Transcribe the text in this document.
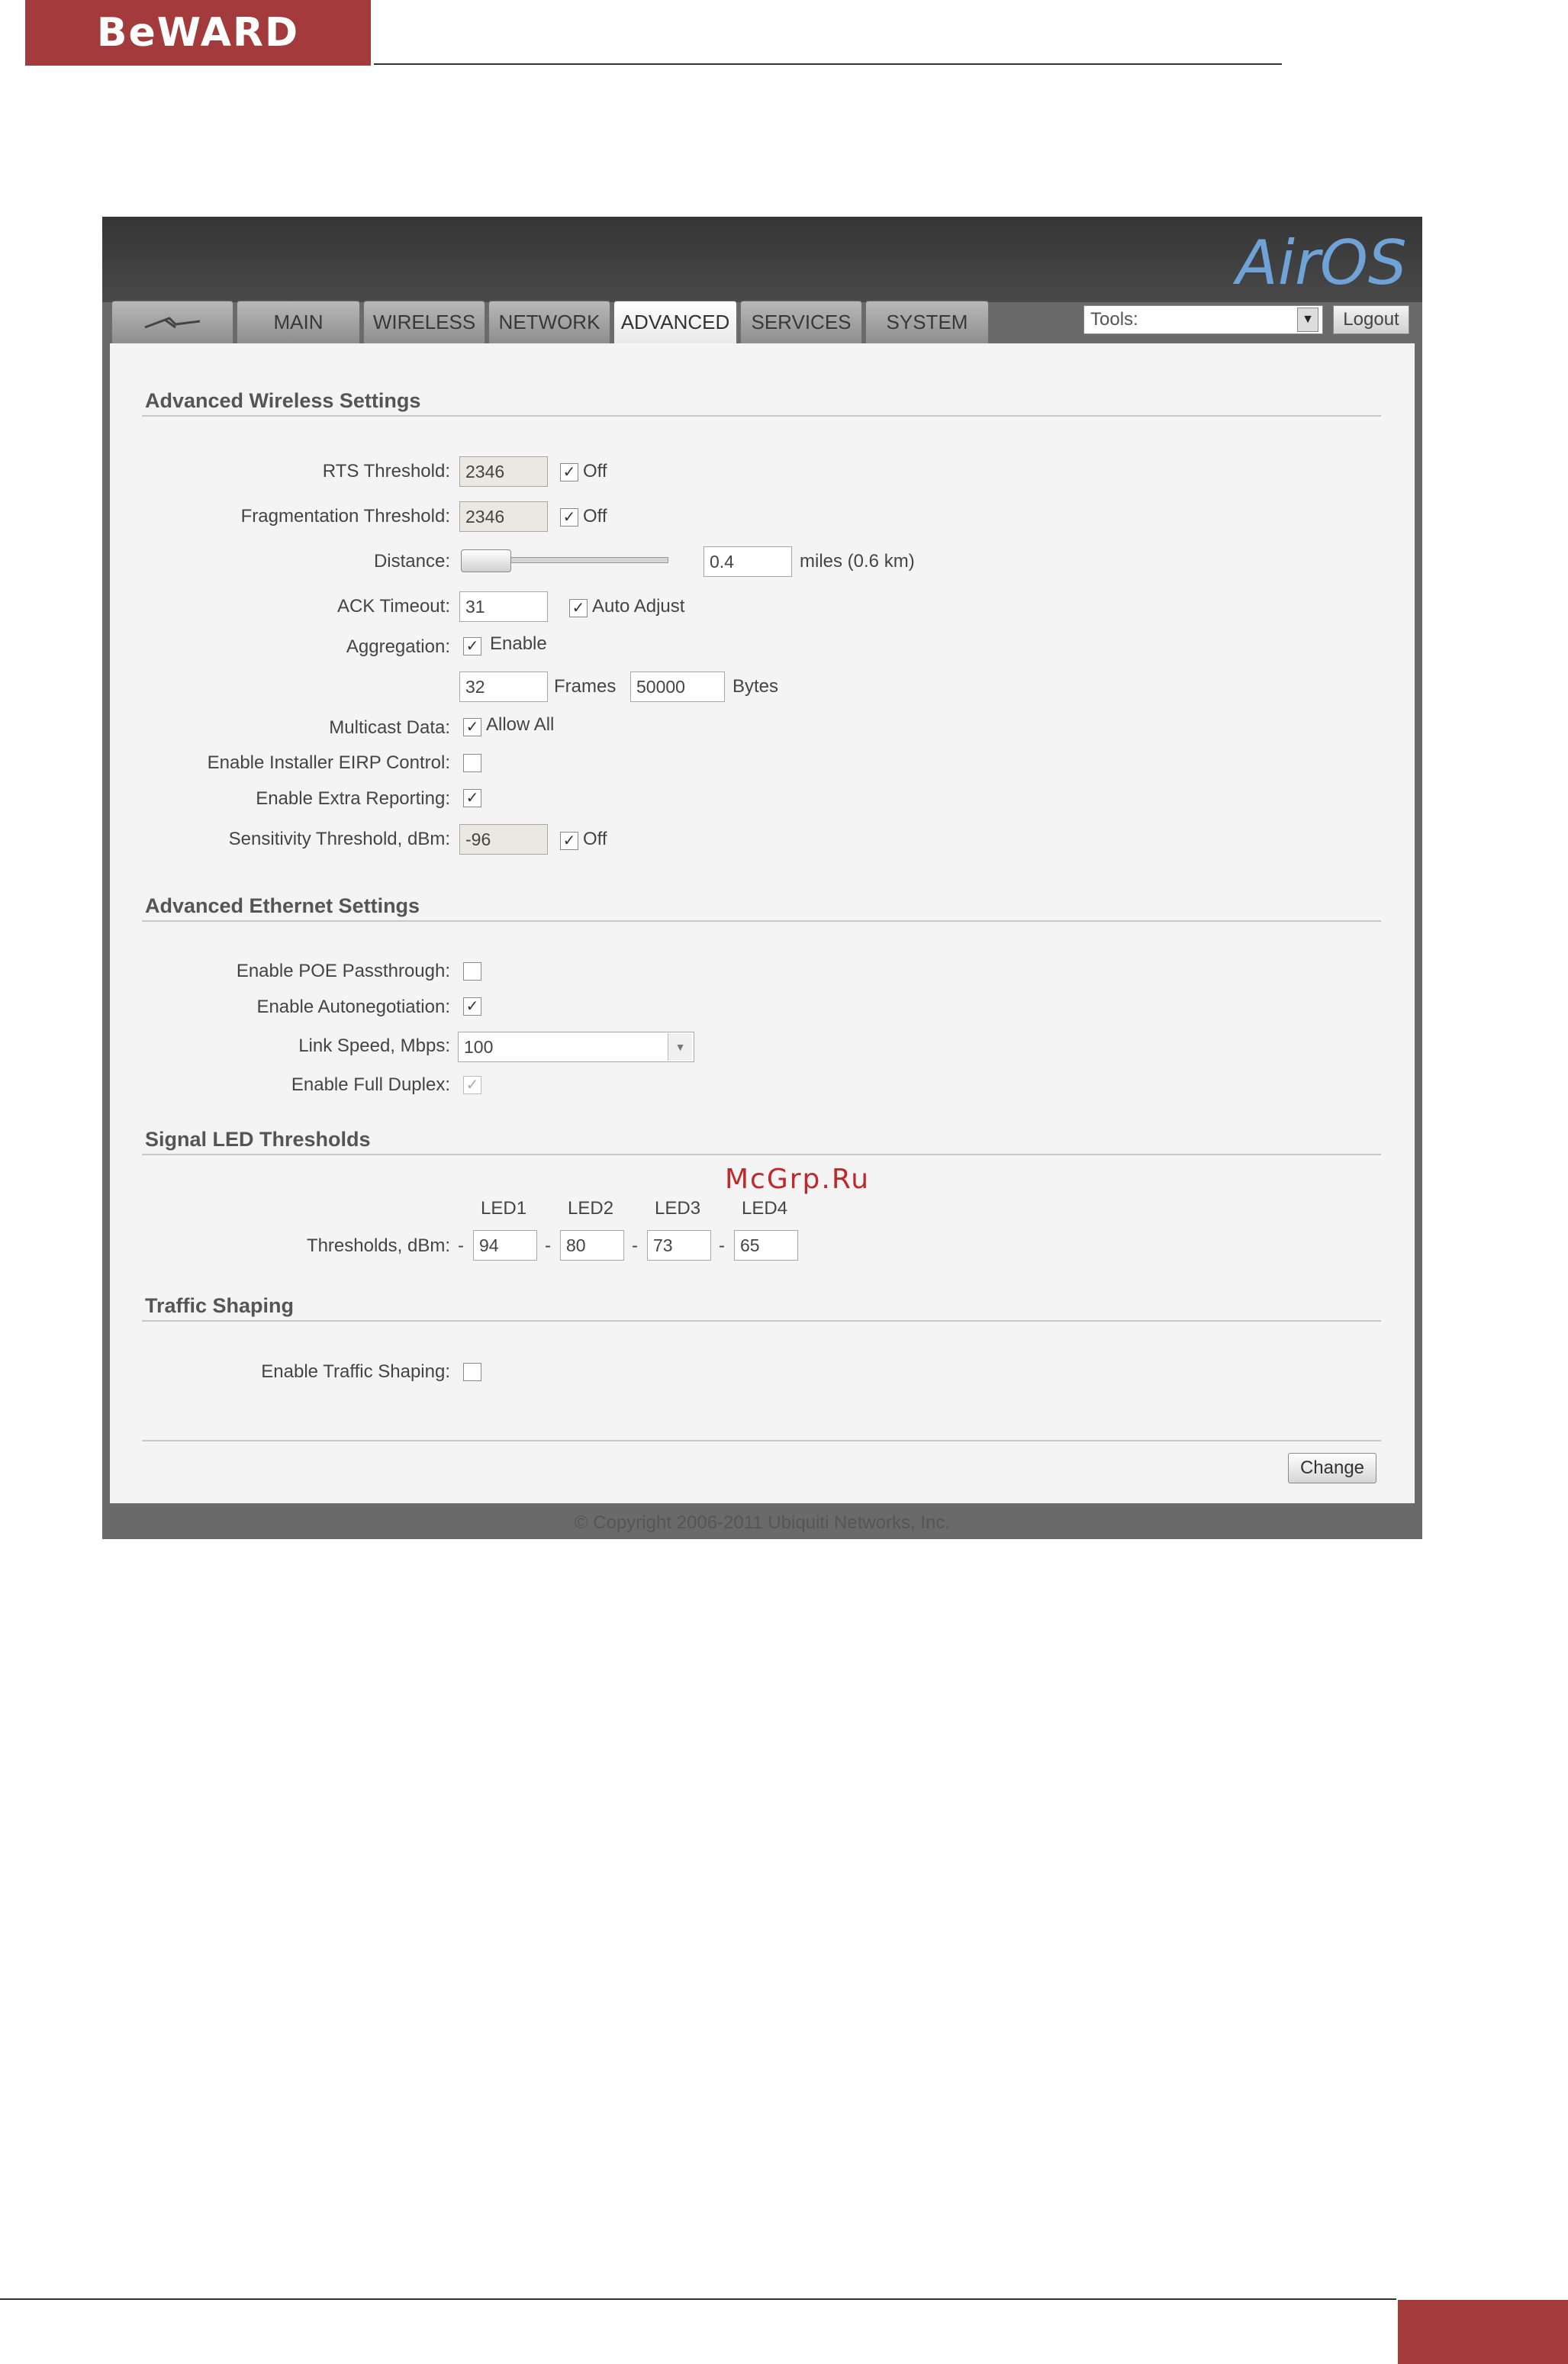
BeWARD
AirOS
MAIN	WIRELESS NETWORK ADVANCED SERVICES SYSTEM	Tools:	▼	Logout
Advanced Wireless Settings
RTS Threshold: 2346	✓ Off
Fragmentation Threshold: 2346	✓ Off
Distance:	0.4	miles (0.6 km)
ACK Timeout: 31	✓ Auto Adjust
Aggregation: ✓ Enable
32	Frames	50000	Bytes
Multicast Data: ✓ Allow All
Enable Installer EIRP Control:
Enable Extra Reporting: ✓
Sensitivity Threshold, dBm: -96	✓ Off
Advanced Ethernet Settings
Enable POE Passthrough:
Enable Autonegotiation: ✓
Link Speed, Mbps: 100	▼
Enable Full Duplex: ✓
Signal LED Thresholds
LED1 LED2 LED3 LED4
Thresholds, dBm: - 94	- 80	- 73	- 65
Traffic Shaping
Enable Traffic Shaping:
Change
© Copyright 2006-2011 Ubiquiti Networks, Inc.
McGrp.Ru
